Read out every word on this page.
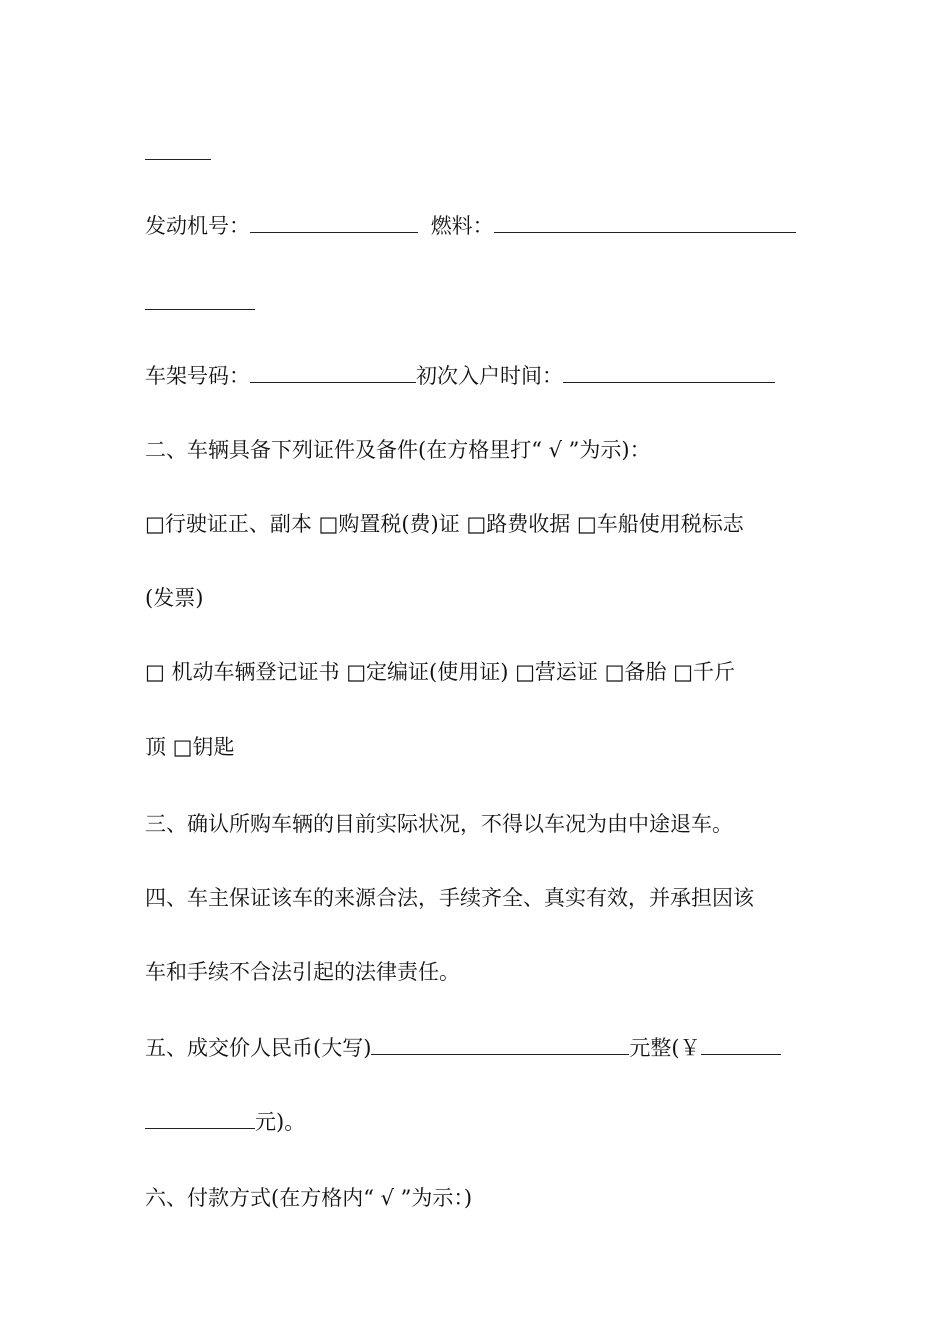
发动机号：	燃料：
车架号码：	初次入户时间：
二、车辆具备下列证件及备件(在方格里打“ √ ”为示)：
□行驶证正、副本 □购置税(费)证 □路费收据 □车船使用税标志
(发票)
□ 机动车辆登记证书 □定编证(使用证) □营运证 □备胎 □千斤
顶 □钥匙
三、确认所购车辆的目前实际状况，不得以车况为由中途退车。
四、车主保证该车的来源合法，手续齐全、真实有效，并承担因该
车和手续不合法引起的法律责任。
五、成交价人民币(大写)	元整(￥
元)。
六、付款方式(在方格内“ √ ”为示：)
